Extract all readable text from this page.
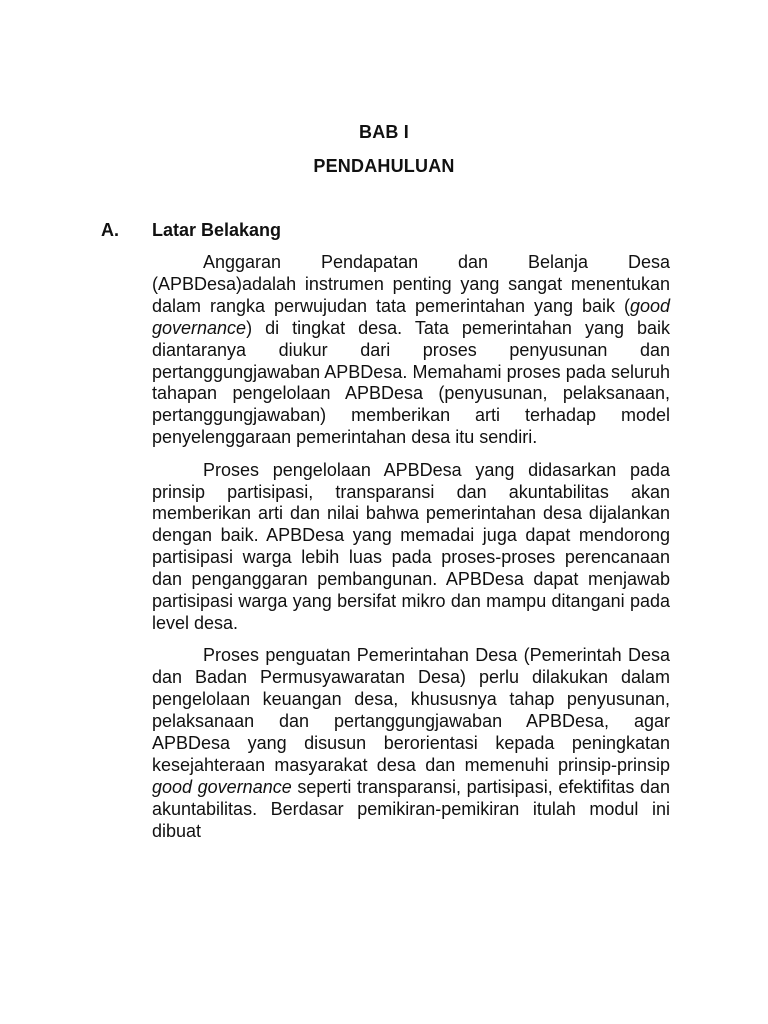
BAB I
PENDAHULUAN
A. Latar Belakang

Anggaran Pendapatan dan Belanja Desa (APBDesa)adalah instrumen penting yang sangat menentukan dalam rangka perwujudan tata pemerintahan yang baik (good governance) di tingkat desa. Tata pemerintahan yang baik diantaranya diukur dari proses penyusunan dan pertanggungjawaban APBDesa. Memahami proses pada seluruh tahapan pengelolaan APBDesa (penyusunan, pelaksanaan, pertanggungjawaban) memberikan arti terhadap model penyelenggaraan pemerintahan desa itu sendiri.

Proses pengelolaan APBDesa yang didasarkan pada prinsip partisipasi, transparansi dan akuntabilitas akan memberikan arti dan nilai bahwa pemerintahan desa dijalankan dengan baik. APBDesa yang memadai juga dapat mendorong partisipasi warga lebih luas pada proses-proses perencanaan dan penganggaran pembangunan. APBDesa dapat menjawab partisipasi warga yang bersifat mikro dan mampu ditangani pada level desa.

Proses penguatan Pemerintahan Desa (Pemerintah Desa dan Badan Permusyawaratan Desa) perlu dilakukan dalam pengelolaan keuangan desa, khususnya tahap penyusunan, pelaksanaan dan pertanggungjawaban APBDesa, agar APBDesa yang disusun berorientasi kepada peningkatan kesejahteraan masyarakat desa dan memenuhi prinsip-prinsip good governance seperti transparansi, partisipasi, efektifitas dan akuntabilitas. Berdasar pemikiran-pemikiran itulah modul ini dibuat
